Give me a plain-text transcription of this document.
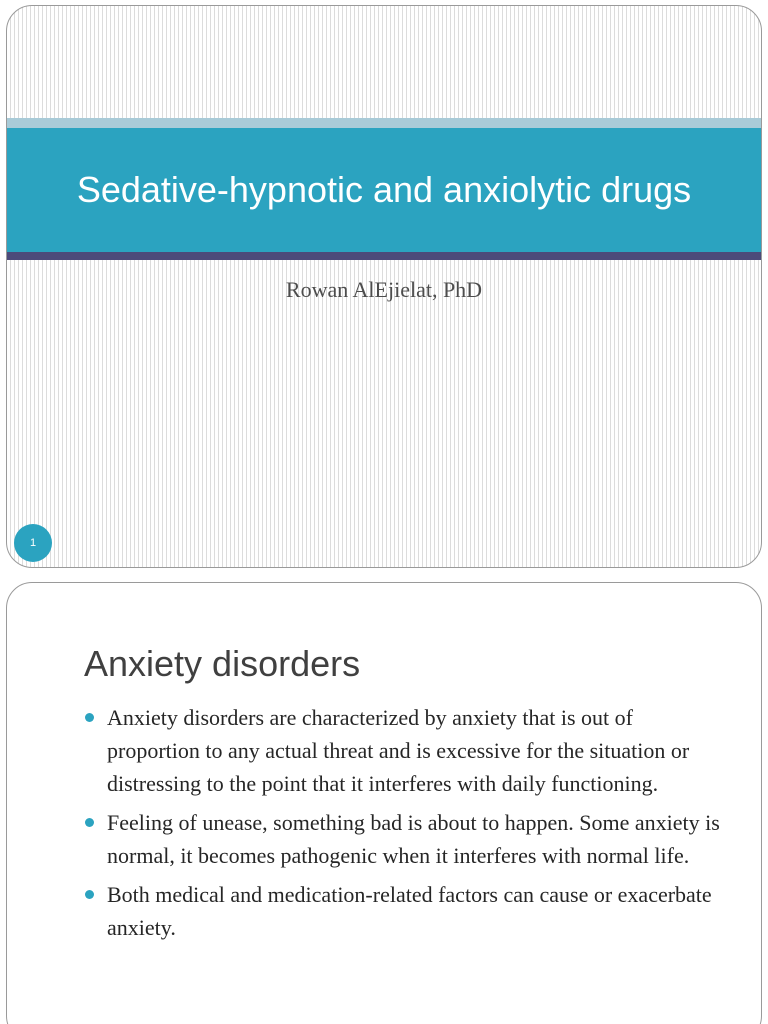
Sedative-hypnotic and anxiolytic drugs
Rowan AlEjielat, PhD
1
Anxiety disorders
Anxiety disorders are characterized by anxiety that is out of proportion to any actual threat and is excessive for the situation or distressing to the point that it interferes with daily functioning.
Feeling of unease, something bad is about to happen. Some anxiety is normal, it becomes pathogenic when it interferes with normal life.
Both medical and medication-related factors can cause or exacerbate anxiety.
